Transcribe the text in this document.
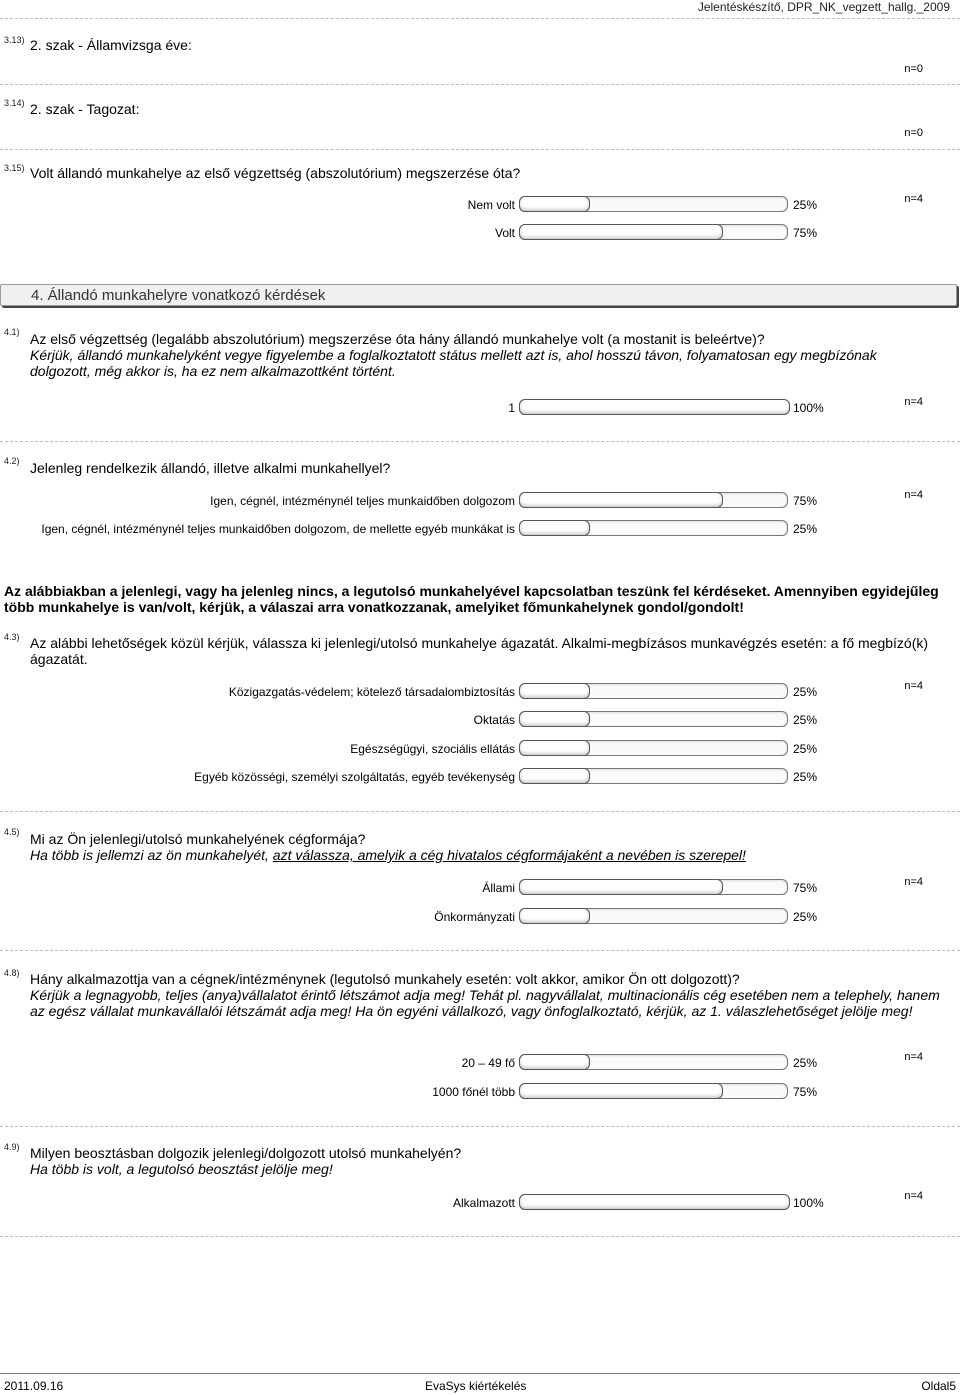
Jelentéskészítő, DPR_NK_vegzett_hallg._2009
3.13) 2. szak - Államvizsga éve:
n=0
3.14) 2. szak - Tagozat:
n=0
3.15) Volt állandó munkahelye az első végzettség (abszolutórium) megszerzése óta?
n=4
Nem volt	25%
Volt	75%
4. Állandó munkahelyre vonatkozó kérdések
4.1) Az első végzettség (legalább abszolutórium) megszerzése óta hány állandó munkahelye volt (a mostanit is beleértve)?
Kérjük, állandó munkahelyként vegye figyelembe a foglalkoztatott státus mellett azt is, ahol hosszú távon, folyamatosan egy megbízónak dolgozott, még akkor is, ha ez nem alkalmazottként történt.
n=4
1	100%
4.2) Jelenleg rendelkezik állandó, illetve alkalmi munkahellyel?
n=4
Igen, cégnél, intézménynél teljes munkaidőben dolgozom	75%
Igen, cégnél, intézménynél teljes munkaidőben dolgozom, de mellette egyéb munkákat is	25%
Az alábbiakban a jelenlegi, vagy ha jelenleg nincs, a legutolsó munkahelyével kapcsolatban teszünk fel kérdéseket. Amennyiben egyidejűleg több munkahelye is van/volt, kérjük, a válaszai arra vonatkozzanak, amelyiket főmunkahelynek gondol/gondolt!
4.3) Az alábbi lehetőségek közül kérjük, válassza ki jelenlegi/utolsó munkahelye ágazatát. Alkalmi-megbízásos munkavégzés esetén: a fő megbízó(k) ágazatát.
n=4
Közigazgatás-védelem; kötelező társadalombiztosítás	25%
Oktatás	25%
Egészségügyi, szociális ellátás	25%
Egyéb közösségi, személyi szolgáltatás, egyéb tevékenység	25%
4.5) Mi az Ön jelenlegi/utolsó munkahelyének cégformája?
Ha több is jellemzi az ön munkahelyét, azt válassza, amelyik a cég hivatalos cégformájaként a nevében is szerepel!
n=4
Állami	75%
Önkormányzati	25%
4.8) Hány alkalmazottja van a cégnek/intézménynek (legutolsó munkahely esetén: volt akkor, amikor Ön ott dolgozott)?
Kérjük a legnagyobb, teljes (anya)vállalatot érintő létszámot adja meg! Tehát pl. nagyvállalat, multinacionális cég esetében nem a telephely, hanem az egész vállalat munkavállalói létszámát adja meg! Ha ön egyéni vállalkozó, vagy önfoglalkoztató, kérjük, az 1. válaszlehetőséget jelölje meg!
n=4
20 – 49 fő	25%
1000 főnél több	75%
4.9) Milyen beosztásban dolgozik jelenlegi/dolgozott utolsó munkahelyén?
Ha több is volt, a legutolsó beosztást jelölje meg!
n=4
Alkalmazott	100%
2011.09.16	EvaSys kiértékelés	Oldal5
